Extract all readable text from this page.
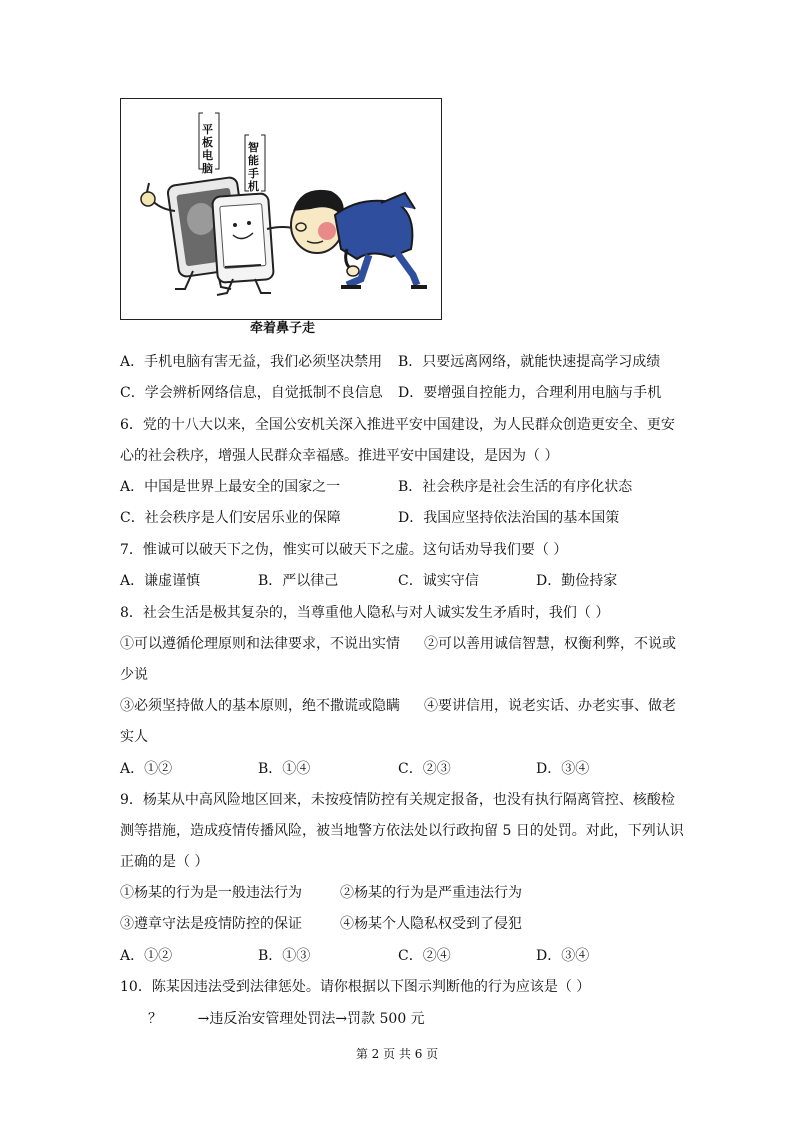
平板电脑
智能手机
牵着鼻子走
A．手机电脑有害无益，我们必须坚决禁用 B．只要远离网络，就能快速提高学习成绩
C．学会辨析网络信息，自觉抵制不良信息 D．要增强自控能力，合理利用电脑与手机
6．党的十八大以来，全国公安机关深入推进平安中国建设，为人民群众创造更安全、更安
心的社会秩序，增强人民群众幸福感。推进平安中国建设，是因为（ ）
A．中国是世界上最安全的国家之一	B．社会秩序是社会生活的有序化状态
C．社会秩序是人们安居乐业的保障	D．我国应坚持依法治国的基本国策
7．惟诚可以破天下之伪，惟实可以破天下之虚。这句话劝导我们要（ ）
A．谦虚谨慎	B．严以律己	C．诚实守信	D．勤俭持家
8．社会生活是极其复杂的，当尊重他人隐私与对人诚实发生矛盾时，我们（ ）
①可以遵循伦理原则和法律要求，不说出实情 ②可以善用诚信智慧，权衡利弊，不说或
少说
③必须坚持做人的基本原则，绝不撒谎或隐瞒 ④要讲信用，说老实话、办老实事、做老
实人
A．①②	B．①④	C．②③	D．③④
9．杨某从中高风险地区回来，未按疫情防控有关规定报备，也没有执行隔离管控、核酸检
测等措施，造成疫情传播风险，被当地警方依法处以行政拘留 5 日的处罚。对此，下列认识
正确的是（ ）
①杨某的行为是一般违法行为	②杨某的行为是严重违法行为
③遵章守法是疫情防控的保证	④杨某个人隐私权受到了侵犯
A．①②	B．①③	C．②④	D．③④
10．陈某因违法受到法律惩处。请你根据以下图示判断他的行为应该是（ ）
？        →违反治安管理处罚法→罚款 500 元
第 2 页 共 6 页
